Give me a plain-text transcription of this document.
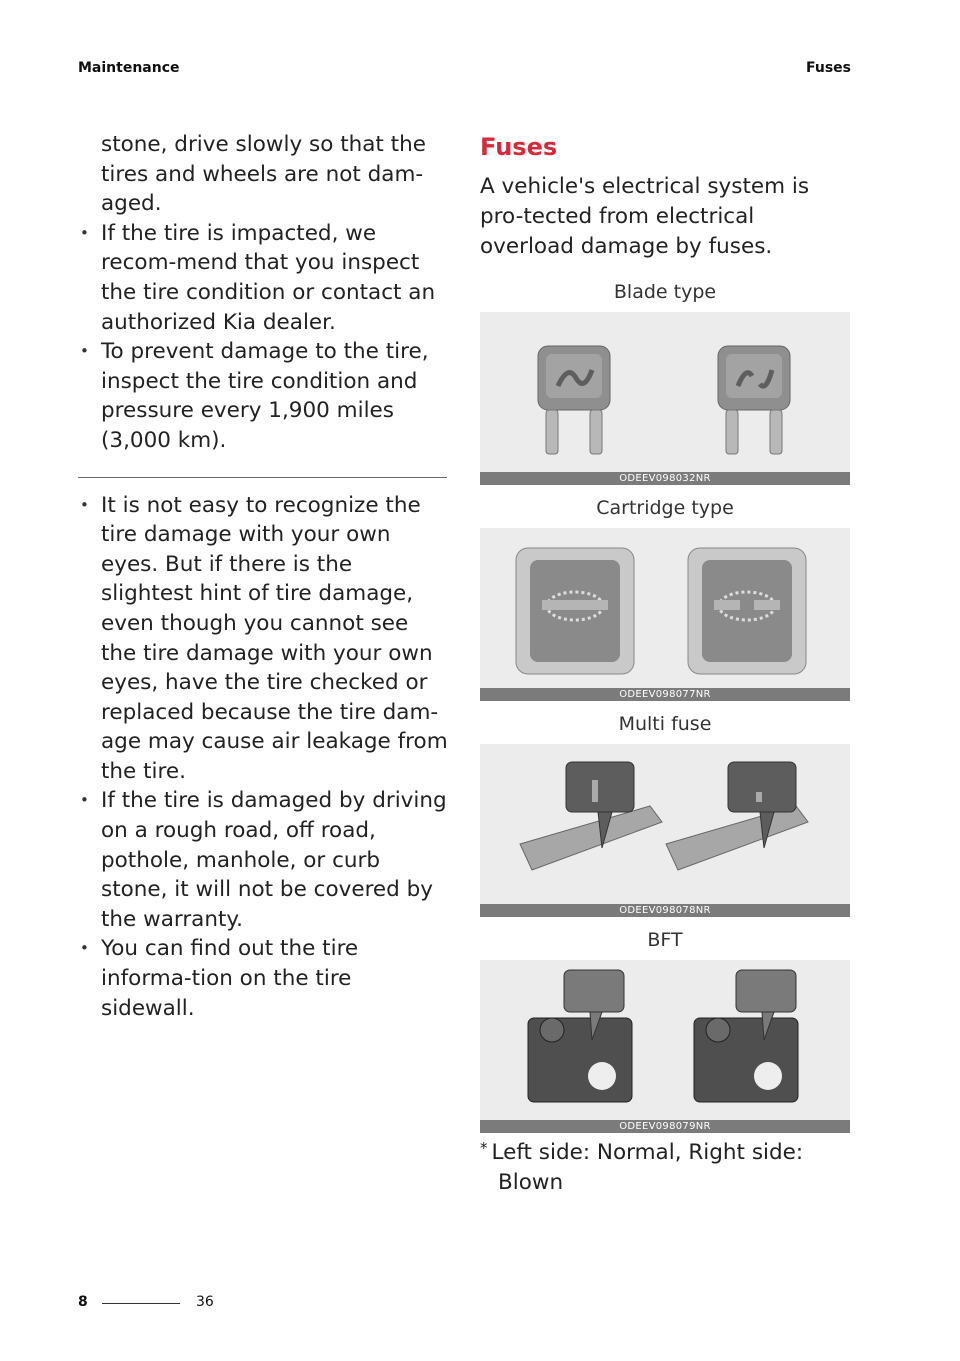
Maintenance	Fuses
stone, drive slowly so that the tires and wheels are not dam-aged.
• If the tire is impacted, we recom-mend that you inspect the tire condition or contact an authorized Kia dealer.
• To prevent damage to the tire, inspect the tire condition and pressure every 1,900 miles (3,000 km).
• It is not easy to recognize the tire damage with your own eyes. But if there is the slightest hint of tire damage, even though you cannot see the tire damage with your own eyes, have the tire checked or replaced because the tire dam-age may cause air leakage from the tire.
• If the tire is damaged by driving on a rough road, off road, pothole, manhole, or curb stone, it will not be covered by the warranty.
• You can find out the tire informa-tion on the tire sidewall.
Fuses
A vehicle's electrical system is pro-tected from electrical overload damage by fuses.
Blade type
ODEEV098032NR
Cartridge type
ODEEV098077NR
Multi fuse
ODEEV098078NR
BFT
ODEEV098079NR
* Left side: Normal, Right side:
Blown
8	36
